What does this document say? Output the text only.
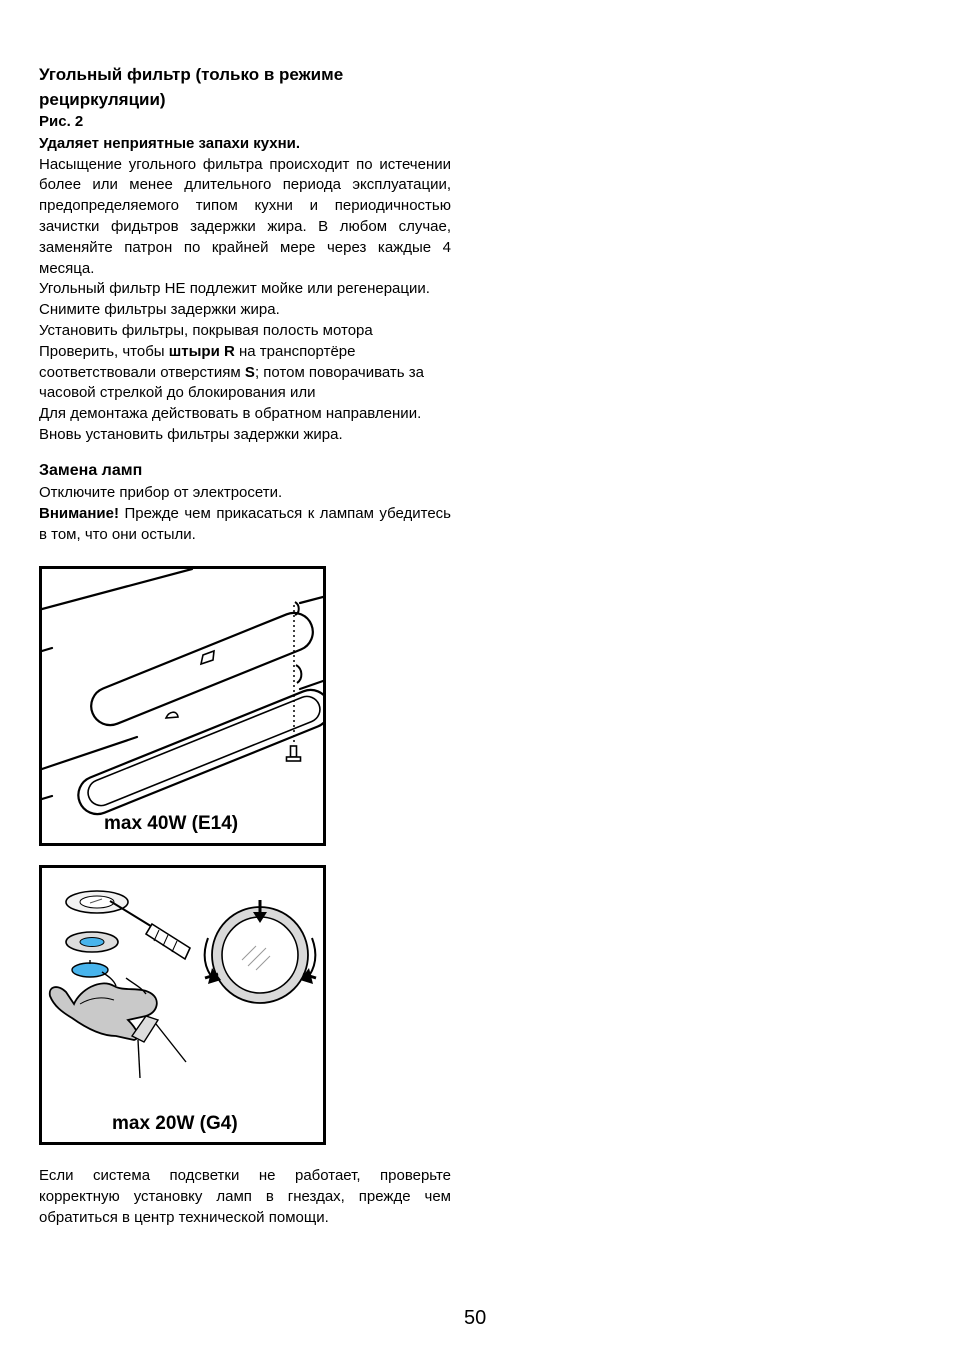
Угольный фильтр (только в режиме рециркуляции)

Рис. 2

Удаляет неприятные запахи кухни.

Насыщение угольного фильтра происходит по истечении более или менее длительного периода эксплуатации, предопределяемого типом кухни и периодичностью зачистки фидьтров задержки жира. В любом случае, заменяйте патрон по крайней мере через каждые 4 месяца.

Угольный фильтр НЕ подлежит мойке или регенерации.

Снимите фильтры задержки жира.

Установить фильтры, покрывая полость мотора

Проверить, чтобы штыри R на транспортёре

соответствовали отверстиям S; потом поворачивать за

часовой стрелкой до блокирования или

Для демонтажа действовать в обратном направлении.

Вновь установить фильтры задержки жира.

Замена ламп

Отключите прибор от электросети.

Внимание! Прежде чем прикасаться к лампам убедитесь в том, что они остыли.

max 40W (E14)
max 20W (G4)

Если система подсветки не работает, проверьте корректную установку ламп в гнездах, прежде чем обратиться в центр технической помощи.

50
